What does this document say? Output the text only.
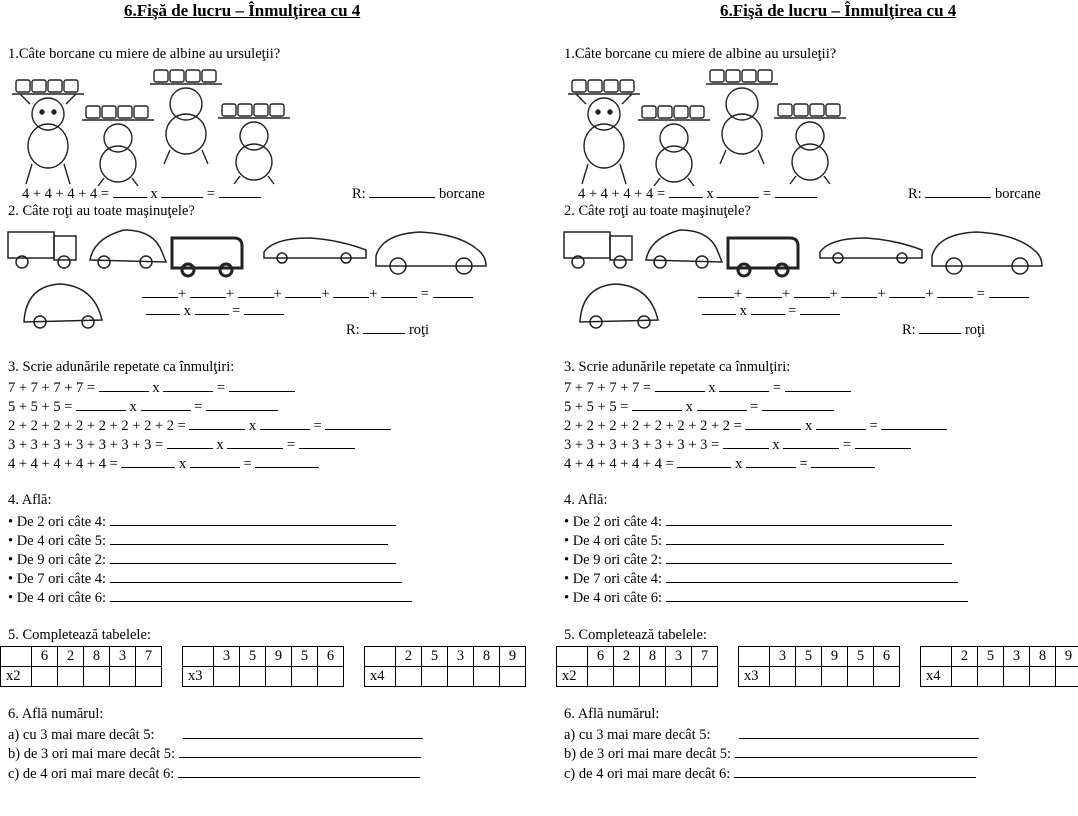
6.Fişă de lucru – Înmulţirea cu 4
1.Câte borcane cu miere de albine au ursuleţii?
4 + 4 + 4 + 4 =	x	=	R:	borcane
2. Câte roţi au toate maşinuţele?
+	+	+	+	+	=
x	=
R:	roţi
3. Scrie adunările repetate ca înmulţiri:
7 + 7 + 7 + 7 =	x	=
5 + 5 + 5 =	x	=
2 + 2 + 2 + 2 + 2 + 2 + 2 + 2 =	x	=
3 + 3 + 3 + 3 + 3 + 3 + 3 =	x	=
4 + 4 + 4 + 4 + 4 =	x	=
4. Află:
• De 2 ori câte 4:
• De 4 ori câte 5:
• De 9 ori câte 2:
• De 7 ori câte 4:
• De 4 ori câte 6:
5. Completează tabelele:
	6	2	8	3	7
x2					
	3	5	9	5	6
x3					
	2	5	3	8	9
x4					
6. Află numărul:
a) cu 3 mai mare decât 5:
b) de 3 ori mai mare decât 5:
c) de 4 ori mai mare decât 6:
6.Fişă de lucru – Înmulţirea cu 4
1.Câte borcane cu miere de albine au ursuleţii?
4 + 4 + 4 + 4 =	x	=	R:	borcane
2. Câte roţi au toate maşinuţele?
+	+	+	+	+	=
x	=
R:	roţi
3. Scrie adunările repetate ca înmulţiri:
7 + 7 + 7 + 7 =	x	=
5 + 5 + 5 =	x	=
2 + 2 + 2 + 2 + 2 + 2 + 2 + 2 =	x	=
3 + 3 + 3 + 3 + 3 + 3 + 3 =	x	=
4 + 4 + 4 + 4 + 4 =	x	=
4. Află:
• De 2 ori câte 4:
• De 4 ori câte 5:
• De 9 ori câte 2:
• De 7 ori câte 4:
• De 4 ori câte 6:
5. Completează tabelele:
	6	2	8	3	7
x2					
	3	5	9	5	6
x3					
	2	5	3	8	9
x4					
6. Află numărul:
a) cu 3 mai mare decât 5:
b) de 3 ori mai mare decât 5:
c) de 4 ori mai mare decât 6:
